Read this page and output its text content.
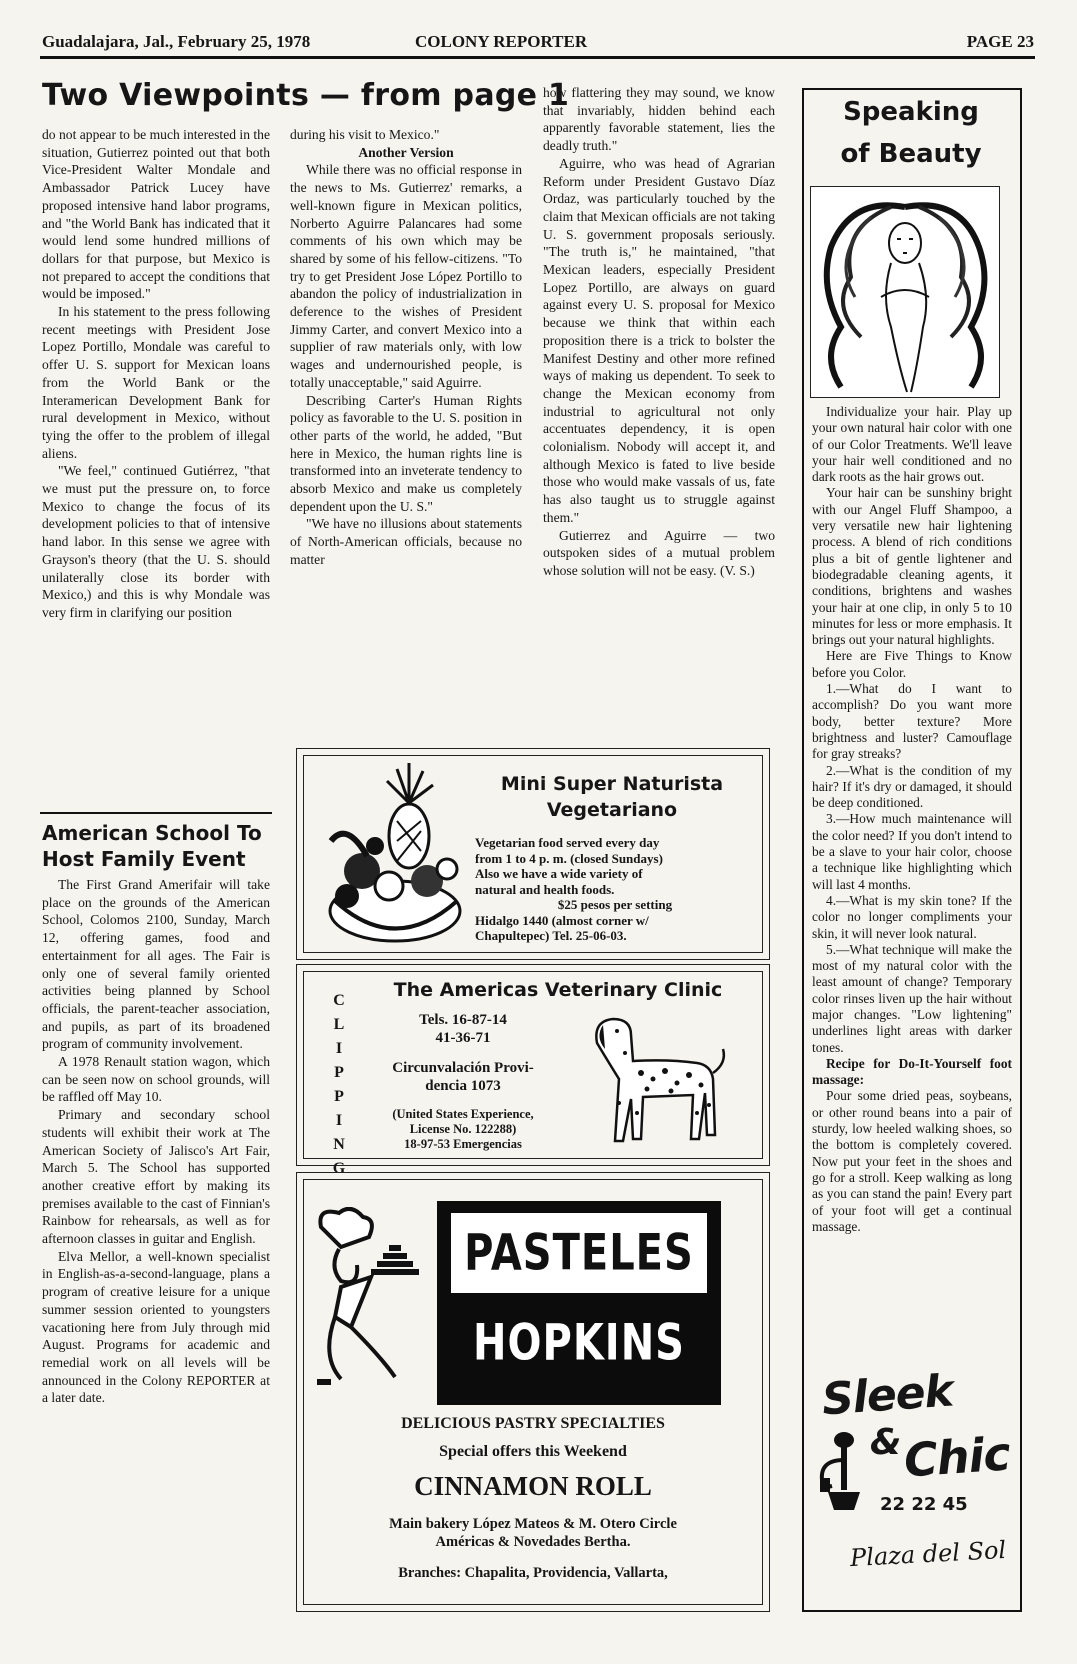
Guadalajara, Jal., February 25, 1978	COLONY REPORTER	PAGE 23
Two Viewpoints — from page 1

do not appear to be much interested in the situation, Gutierrez pointed out that both Vice-President Walter Mondale and Ambassador Patrick Lucey have proposed intensive hand labor programs, and "the World Bank has indicated that it would lend some hundred millions of dollars for that purpose, but Mexico is not prepared to accept the conditions that would be imposed."

In his statement to the press following recent meetings with President Jose Lopez Portillo, Mondale was careful to offer U. S. support for Mexican loans from the World Bank or the Interamerican Development Bank for rural development in Mexico, without tying the offer to the problem of illegal aliens.

"We feel," continued Gutiérrez, "that we must put the pressure on, to force Mexico to change the focus of its development policies to that of intensive hand labor. In this sense we agree with Grayson's theory (that the U. S. should unilaterally close its border with Mexico,) and this is why Mondale was very firm in clarifying our position

American School To
Host Family Event

The First Grand Amerifair will take place on the grounds of the American School, Colomos 2100, Sunday, March 12, offering games, food and entertainment for all ages. The Fair is only one of several family oriented activities being planned by School officials, the parent-teacher association, and pupils, as part of its broadened program of community involvement.

A 1978 Renault station wagon, which can be seen now on school grounds, will be raffled off May 10.

Primary and secondary school students will exhibit their work at The American Society of Jalisco's Art Fair, March 5. The School has supported another creative effort by making its premises available to the cast of Finnian's Rainbow for rehearsals, as well as for afternoon classes in guitar and English.

Elva Mellor, a well-known specialist in English-as-a-second-language, plans a program of creative leisure for a unique summer session oriented to youngsters vacationing here from July through mid August. Programs for academic and remedial work on all levels will be announced in the Colony REPORTER at a later date.

during his visit to Mexico."

Another Version

While there was no official response in the news to Ms. Gutierrez' remarks, a well-known figure in Mexican politics, Norberto Aguirre Palancares had some comments of his own which may be shared by some of his fellow-citizens. "To try to get President Jose López Portillo to abandon the policy of industrialization in deference to the wishes of President Jimmy Carter, and convert Mexico into a supplier of raw materials only, with low wages and undernourished people, is totally unacceptable," said Aguirre.

Describing Carter's Human Rights policy as favorable to the U. S. position in other parts of the world, he added, "But here in Mexico, the human rights line is transformed into an inveterate tendency to absorb Mexico and make us completely dependent upon the U. S."

"We have no illusions about statements of North-American officials, because no matter

how flattering they may sound, we know that invariably, hidden behind each apparently favorable statement, lies the deadly truth."

Aguirre, who was head of Agrarian Reform under President Gustavo Díaz Ordaz, was particularly touched by the claim that Mexican officials are not taking U. S. government proposals seriously. "The truth is," he maintained, "that Mexican leaders, especially President Lopez Portillo, are always on guard against every U. S. proposal for Mexico because we think that within each proposition there is a trick to bolster the Manifest Destiny and other more refined ways of making us dependent. To seek to change the Mexican economy from industrial to agricultural not only accentuates dependency, it is open colonialism. Nobody will accept it, and although Mexico is fated to live beside those who would make vassals of us, fate has also taught us to struggle against them."

Gutierrez and Aguirre — two outspoken sides of a mutual problem whose solution will not be easy. (V. S.)

Mini Super Naturista
Vegetariano
Vegetarian food served every day
from 1 to 4 p. m. (closed Sundays)
Also we have a wide variety of
natural and health foods.
$25 pesos per setting
Hidalgo 1440 (almost corner w/
Chapultepec) Tel. 25-06-03.
C
L
I
P
P
I
N
G
The Americas Veterinary Clinic
Tels. 16-87-14
41-36-71
Circunvalación Provi-
dencia 1073
(United States Experience,
License No. 122288)
18-97-53 Emergencias
PASTELES
HOPKINS
DELICIOUS PASTRY SPECIALTIES
Special offers this Weekend
CINNAMON ROLL
Main bakery López Mateos & M. Otero Circle
Américas & Novedades Bertha.
Branches: Chapalita, Providencia, Vallarta,
Speaking
of Beauty

Individualize your hair. Play up your own natural hair color with one of our Color Treatments. We'll leave your hair well conditioned and no dark roots as the hair grows out.

Your hair can be sunshiny bright with our Angel Fluff Shampoo, a very versatile new hair lightening process. A blend of rich conditions plus a bit of gentle lightener and biodegradable cleaning agents, it conditions, brightens and washes your hair at one clip, in only 5 to 10 minutes for less or more emphasis. It brings out your natural highlights.

Here are Five Things to Know before you Color.

1.—What do I want to accomplish? Do you want more body, better texture? More brightness and luster? Camouflage for gray streaks?

2.—What is the condition of my hair? If it's dry or damaged, it should be deep conditioned.

3.—How much maintenance will the color need? If you don't intend to be a slave to your hair color, choose a technique like highlighting which will last 4 months.

4.—What is my skin tone? If the color no longer compliments your skin, it will never look natural.

5.—What technique will make the most of my natural color with the least amount of change? Temporary color rinses liven up the hair without major changes. "Low lightening" underlines light areas with darker tones.

Recipe for Do-It-Yourself foot massage:

Pour some dried peas, soybeans, or other round beans into a pair of sturdy, low heeled walking shoes, so the bottom is completely covered. Now put your feet in the shoes and go for a stroll. Keep walking as long as you can stand the pain! Every part of your foot will get a continual massage.

Sleek
& Chic
22 22 45
Plaza del Sol
